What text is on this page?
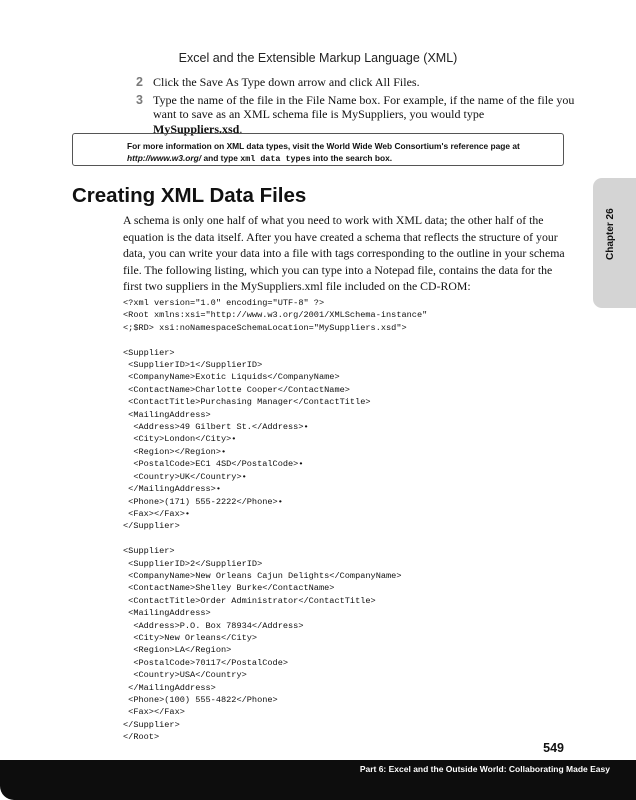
Excel and the Extensible Markup Language (XML)
2 Click the Save As Type down arrow and click All Files.
3 Type the name of the file in the File Name box. For example, if the name of the file you want to save as an XML schema file is MySuppliers, you would type MySuppliers.xsd.
For more information on XML data types, visit the World Wide Web Consortium's reference page at
http://www.w3.org/ and type xml data types into the search box.
Creating XML Data Files

A schema is only one half of what you need to work with XML data; the other half of the equation is the data itself. After you have created a schema that reflects the structure of your data, you can write your data into a file with tags corresponding to the outline in your schema file. The following listing, which you can type into a Notepad file, contains the data for the first two suppliers in the MySuppliers.xml file included on the CD-ROM:

<?xml version="1.0" encoding="UTF-8" ?>
<Root xmlns:xsi="http://www.w3.org/2001/XMLSchema-instance"
<;$RD> xsi:noNamespaceSchemaLocation="MySuppliers.xsd">

<Supplier>
<SupplierID>1</SupplierID>
<CompanyName>Exotic Liquids</CompanyName>
<ContactName>Charlotte Cooper</ContactName>
<ContactTitle>Purchasing Manager</ContactTitle>
<MailingAddress>
<Address>49 Gilbert St.</Address>•
<City>London</City>•
<Region></Region>•
<PostalCode>EC1 4SD</PostalCode>•
<Country>UK</Country>•
</MailingAddress>•
<Phone>(171) 555-2222</Phone>•
<Fax></Fax>•
</Supplier>

<Supplier>
<SupplierID>2</SupplierID>
<CompanyName>New Orleans Cajun Delights</CompanyName>
<ContactName>Shelley Burke</ContactName>
<ContactTitle>Order Administrator</ContactTitle>
<MailingAddress>
<Address>P.O. Box 78934</Address>
<City>New Orleans</City>
<Region>LA</Region>
<PostalCode>70117</PostalCode>
<Country>USA</Country>
</MailingAddress>
<Phone>(100) 555-4822</Phone>
<Fax></Fax>
</Supplier>
</Root>

Chapter 26
549
Part 6: Excel and the Outside World: Collaborating Made Easy
